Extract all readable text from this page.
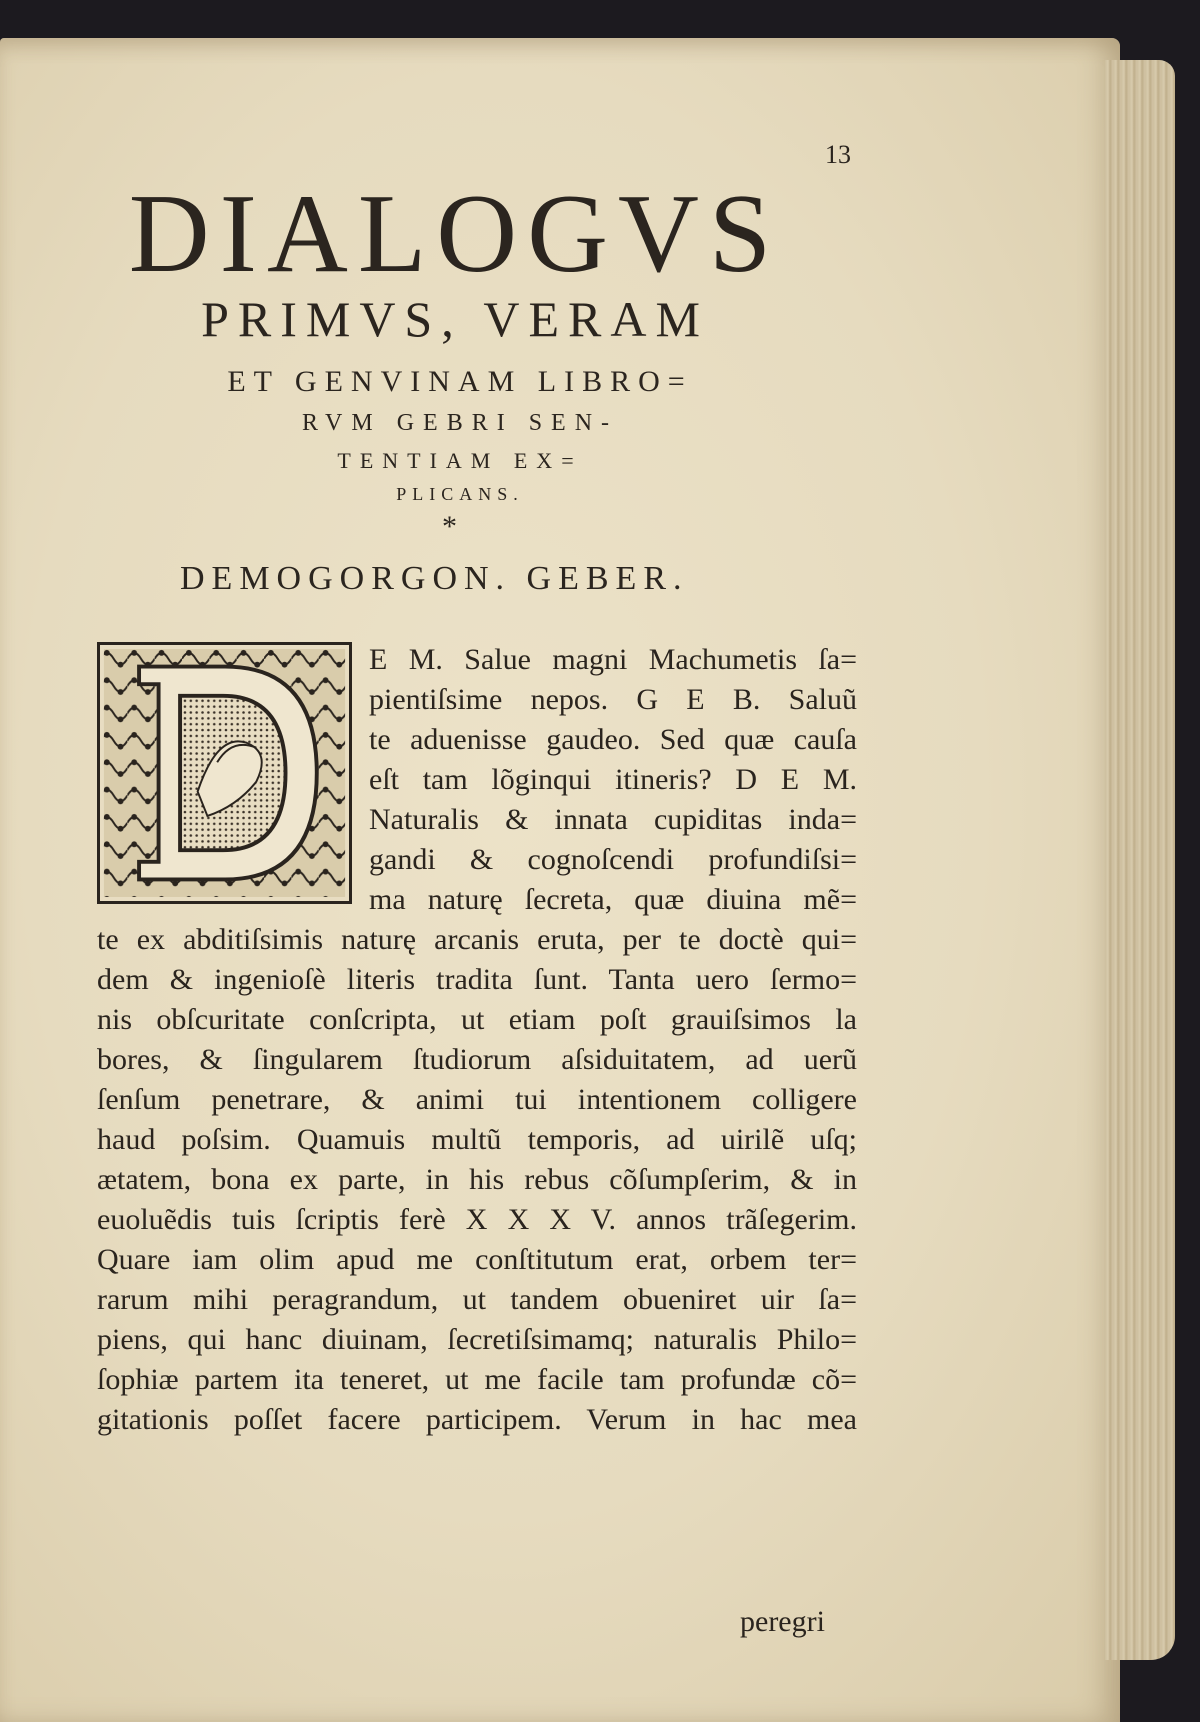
13
DIALOGVS
PRIMVS, VERAM
ET GENVINAM LIBRO=
RVM GEBRI SEN-
TENTIAM EX=
PLICANS.
*
DEMOGORGON. GEBER.
E M. Salue magni Machumetis ſa=
pientiſsime nepos. G E B. Saluũ
te aduenisse gaudeo. Sed quæ cauſa
eſt tam lõginqui itineris? D E M.
Naturalis & innata cupiditas inda=
gandi & cognoſcendi profundiſsi=
ma naturę ſecreta, quæ diuina mẽ=
te ex abditiſsimis naturę arcanis eruta, per te doctè qui=
dem & ingenioſè literis tradita ſunt. Tanta uero ſermo=
nis obſcuritate conſcripta, ut etiam poſt grauiſsimos la
bores, & ſingularem ſtudiorum aſsiduitatem, ad uerũ
ſenſum penetrare, & animi tui intentionem colligere
haud poſsim. Quamuis multũ temporis, ad uirilẽ uſq;
ætatem, bona ex parte, in his rebus cõſumpſerim, & in
euoluẽdis tuis ſcriptis ferè X X X V. annos trãſegerim.
Quare iam olim apud me conſtitutum erat, orbem ter=
rarum mihi peragrandum, ut tandem obueniret uir ſa=
piens, qui hanc diuinam, ſecretiſsimamq; naturalis Philo=
ſophiæ partem ita teneret, ut me facile tam profundæ cõ=
gitationis poſſet facere participem. Verum in hac mea
peregri
